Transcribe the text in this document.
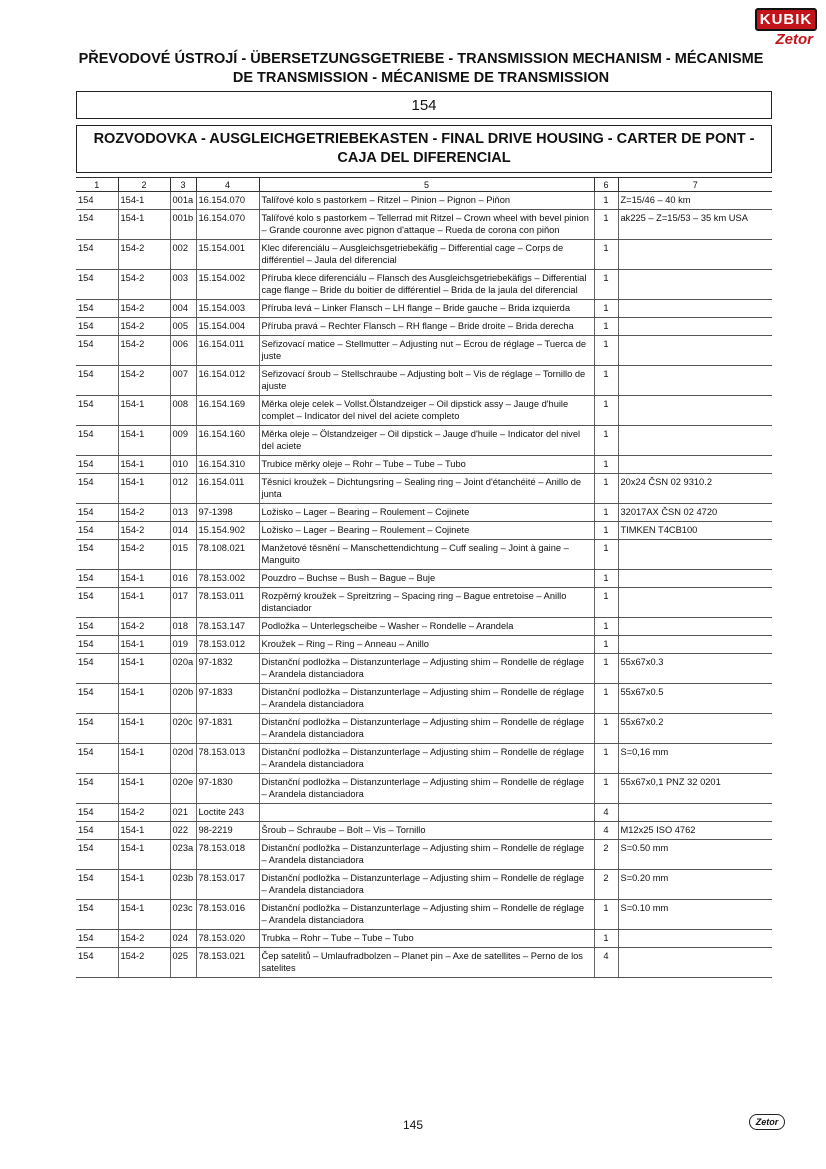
KUBIK
Zetor
PŘEVODOVÉ ÚSTROJÍ - ÜBERSETZUNGSGETRIEBE - TRANSMISSION MECHANISM - MÉCANISME DE TRANSMISSION - MÉCANISME DE TRANSMISSION
154
ROZVODOVKA - AUSGLEICHGETRIEBEKASTEN - FINAL DRIVE HOUSING - CARTER DE PONT - CAJA DEL DIFERENCIAL
1	2	3	4	5	6	7
154	154-1	001a	16.154.070	Talířové kolo s pastorkem – Ritzel – Pinion – Pignon – Piňon	1	Z=15/46 – 40 km
154	154-1	001b	16.154.070	Talířové kolo s pastorkem – Tellerrad mit Ritzel – Crown wheel with bevel pinion – Grande couronne avec pignon d'attaque – Rueda de corona con piňon	1	ak225 – Z=15/53 – 35 km USA
154	154-2	002	15.154.001	Klec diferenciálu – Ausgleichsgetriebekäfig – Differential cage – Corps de différentiel – Jaula del diferencial	1	
154	154-2	003	15.154.002	Příruba klece diferenciálu – Flansch des Ausgleichsgetriebekäfigs – Differential cage flange – Bride du boitier de différentiel – Brida de la jaula del diferencial	1	
154	154-2	004	15.154.003	Příruba levá – Linker Flansch – LH flange – Bride gauche – Brida izquierda	1	
154	154-2	005	15.154.004	Příruba pravá – Rechter Flansch – RH flange – Bride droite – Brida derecha	1	
154	154-2	006	16.154.011	Seřizovací matice – Stellmutter – Adjusting nut – Ecrou de réglage – Tuerca de juste	1	
154	154-2	007	16.154.012	Seřizovací šroub – Stellschraube – Adjusting bolt – Vis de réglage – Tornillo de ajuste	1	
154	154-1	008	16.154.169	Měrka oleje celek – Vollst.Ölstandzeiger – Oil dipstick assy – Jauge d'huile complet – Indicator del nivel del aciete completo	1	
154	154-1	009	16.154.160	Měrka oleje – Ölstandzeiger – Oil dipstick – Jauge d'huile – Indicator del nivel del aciete	1	
154	154-1	010	16.154.310	Trubice měrky oleje – Rohr – Tube – Tube – Tubo	1	
154	154-1	012	16.154.011	Těsnicí kroužek – Dichtungsring – Sealing ring – Joint d'étanchéité – Anillo de junta	1	20x24 ČSN 02 9310.2
154	154-2	013	97-1398	Ložisko – Lager – Bearing – Roulement – Cojinete	1	32017AX ČSN 02 4720
154	154-2	014	15.154.902	Ložisko – Lager – Bearing – Roulement – Cojinete	1	TIMKEN T4CB100
154	154-2	015	78.108.021	Manžetové těsnění – Manschettendichtung – Cuff sealing – Joint à gaine – Manguito	1	
154	154-1	016	78.153.002	Pouzdro – Buchse – Bush – Bague – Buje	1	
154	154-1	017	78.153.011	Rozpěrný kroužek – Spreitzring – Spacing ring – Bague entretoise – Anillo distanciador	1	
154	154-2	018	78.153.147	Podložka – Unterlegscheibe – Washer – Rondelle – Arandela	1	
154	154-1	019	78.153.012	Kroužek – Ring – Ring – Anneau – Anillo	1	
154	154-1	020a	97-1832	Distanční podložka – Distanzunterlage – Adjusting shim – Rondelle de réglage – Arandela distanciadora	1	55x67x0.3
154	154-1	020b	97-1833	Distanční podložka – Distanzunterlage – Adjusting shim – Rondelle de réglage – Arandela distanciadora	1	55x67x0.5
154	154-1	020c	97-1831	Distanční podložka – Distanzunterlage – Adjusting shim – Rondelle de réglage – Arandela distanciadora	1	55x67x0.2
154	154-1	020d	78.153.013	Distanční podložka – Distanzunterlage – Adjusting shim – Rondelle de réglage – Arandela distanciadora	1	S=0,16 mm
154	154-1	020e	97-1830	Distanční podložka – Distanzunterlage – Adjusting shim – Rondelle de réglage – Arandela distanciadora	1	55x67x0,1 PNZ 32 0201
154	154-2	021	Loctite 243		4	
154	154-1	022	98-2219	Šroub – Schraube – Bolt – Vis – Tornillo	4	M12x25 ISO 4762
154	154-1	023a	78.153.018	Distanční podložka – Distanzunterlage – Adjusting shim – Rondelle de réglage – Arandela distanciadora	2	S=0.50 mm
154	154-1	023b	78.153.017	Distanční podložka – Distanzunterlage – Adjusting shim – Rondelle de réglage – Arandela distanciadora	2	S=0.20 mm
154	154-1	023c	78.153.016	Distanční podložka – Distanzunterlage – Adjusting shim – Rondelle de réglage – Arandela distanciadora	1	S=0.10 mm
154	154-2	024	78.153.020	Trubka – Rohr – Tube – Tube – Tubo	1	
154	154-2	025	78.153.021	Čep satelitů – Umlaufradbolzen – Planet pin – Axe de satellites – Perno de los satelites	4	
145	Zetor
